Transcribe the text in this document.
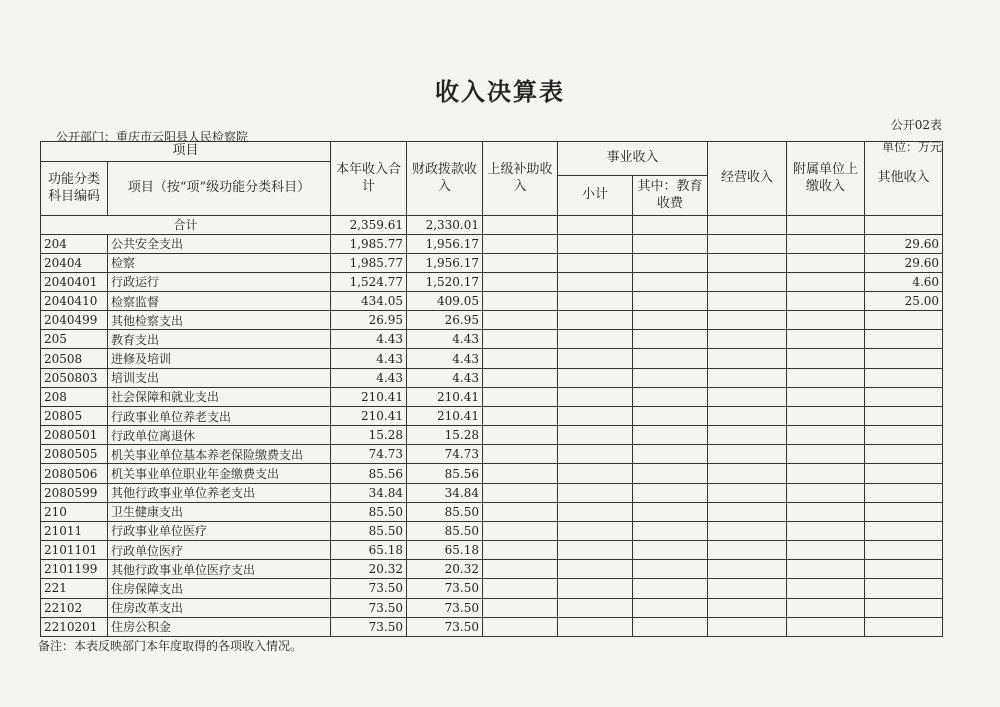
收入决算表
公开02表
公开部门：重庆市云阳县人民检察院
单位：万元
项目		本年收入合计	财政拨款收入	上级补助收入	事业收入		经营收入	附属单位上缴收入	其他收入
功能分类科目编码	项目（按“项”级功能分类科目）								
					小计	其中：教育收费			
合计		2,359.61	2,330.01						
204	公共安全支出	1,985.77	1,956.17						29.60
20404	检察	1,985.77	1,956.17						29.60
2040401	行政运行	1,524.77	1,520.17						4.60
2040410	检察监督	434.05	409.05						25.00
2040499	其他检察支出	26.95	26.95						
205	教育支出	4.43	4.43						
20508	进修及培训	4.43	4.43						
2050803	培训支出	4.43	4.43						
208	社会保障和就业支出	210.41	210.41						
20805	行政事业单位养老支出	210.41	210.41						
2080501	行政单位离退休	15.28	15.28						
2080505	机关事业单位基本养老保险缴费支出	74.73	74.73						
2080506	机关事业单位职业年金缴费支出	85.56	85.56						
2080599	其他行政事业单位养老支出	34.84	34.84						
210	卫生健康支出	85.50	85.50						
21011	行政事业单位医疗	85.50	85.50						
2101101	行政单位医疗	65.18	65.18						
2101199	其他行政事业单位医疗支出	20.32	20.32						
221	住房保障支出	73.50	73.50						
22102	住房改革支出	73.50	73.50						
2210201	住房公积金	73.50	73.50						
备注：本表反映部门本年度取得的各项收入情况。
